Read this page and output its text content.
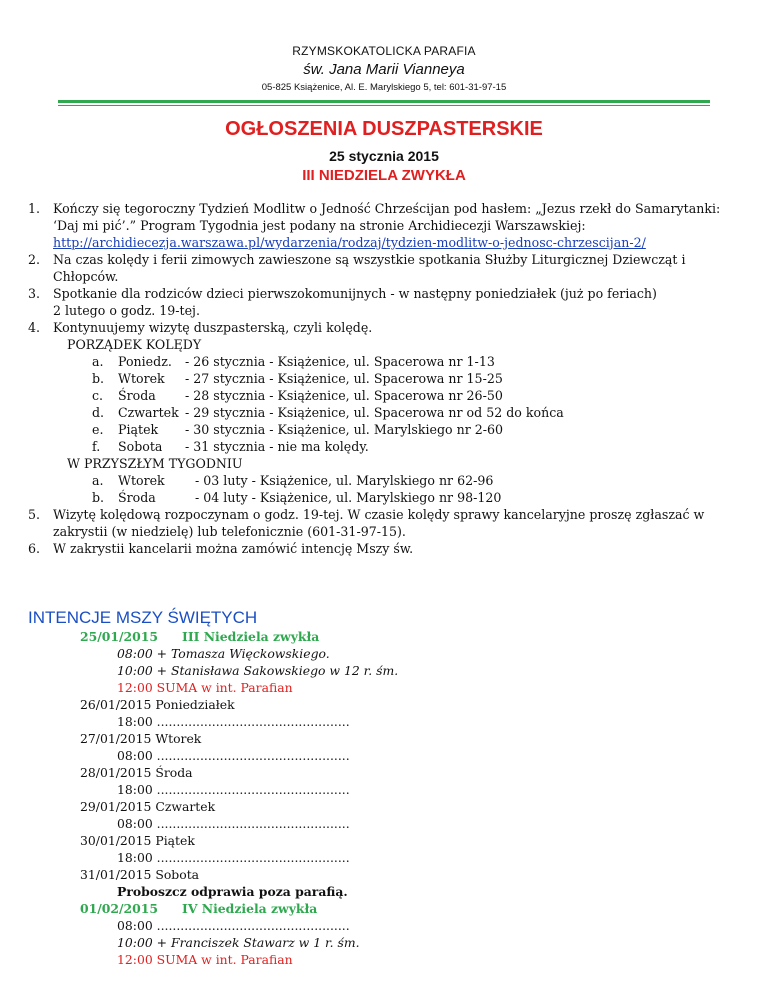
RZYMSKOKATOLICKA PARAFIA
św. Jana Marii Vianneya
05-825 Książenice, Al. E. Marylskiego 5, tel: 601-31-97-15
OGŁOSZENIA DUSZPASTERSKIE
25 stycznia 2015
III NIEDZIELA ZWYKŁA
1. Kończy się tegoroczny Tydzień Modlitw o Jedność Chrześcijan pod hasłem: „Jezus rzekł do Samarytanki: ‘Daj mi pić’.” Program Tygodnia jest podany na stronie Archidiecezji Warszawskiej:
http://archidiecezja.warszawa.pl/wydarzenia/rodzaj/tydzien-modlitw-o-jednosc-chrzescijan-2/
2. Na czas kolędy i ferii zimowych zawieszone są wszystkie spotkania Służby Liturgicznej Dziewcząt i Chłopców.
3. Spotkanie dla rodziców dzieci pierwszokomunijnych - w następny poniedziałek (już po feriach)
2 lutego o godz. 19-tej.
4. Kontynuujemy wizytę duszpasterską, czyli kolędę.
PORZĄDEK KOLĘDY
a. Poniedz. - 26 stycznia - Książenice, ul. Spacerowa nr 1-13
b. Wtorek - 27 stycznia - Książenice, ul. Spacerowa nr 15-25
c. Środa - 28 stycznia - Książenice, ul. Spacerowa nr 26-50
d. Czwartek - 29 stycznia - Książenice, ul. Spacerowa nr od 52 do końca
e. Piątek - 30 stycznia - Książenice, ul. Marylskiego nr 2-60
f. Sobota - 31 stycznia - nie ma kolędy.
W PRZYSZŁYM TYGODNIU
a. Wtorek - 03 luty - Książenice, ul. Marylskiego nr 62-96
b. Środa	- 04 luty - Książenice, ul. Marylskiego nr 98-120
5. Wizytę kolędową rozpoczynam o godz. 19-tej. W czasie kolędy sprawy kancelaryjne proszę zgłaszać w zakrystii (w niedzielę) lub telefonicznie (601-31-97-15).
6. W zakrystii kancelarii można zamówić intencję Mszy św.
INTENCJE MSZY ŚWIĘTYCH
25/01/2015 III Niedziela zwykła
08:00 + Tomasza Więckowskiego.
10:00 + Stanisława Sakowskiego w 12 r. śm.
12:00 SUMA w int. Parafian
26/01/2015 Poniedziałek
18:00 .................................................
27/01/2015 Wtorek
08:00 .................................................
28/01/2015 Środa
18:00 .................................................
29/01/2015 Czwartek
08:00 .................................................
30/01/2015 Piątek
18:00 .................................................
31/01/2015 Sobota
Proboszcz odprawia poza parafią.
01/02/2015 IV Niedziela zwykła
08:00 .................................................
10:00 + Franciszek Stawarz w 1 r. śm.
12:00 SUMA w int. Parafian
